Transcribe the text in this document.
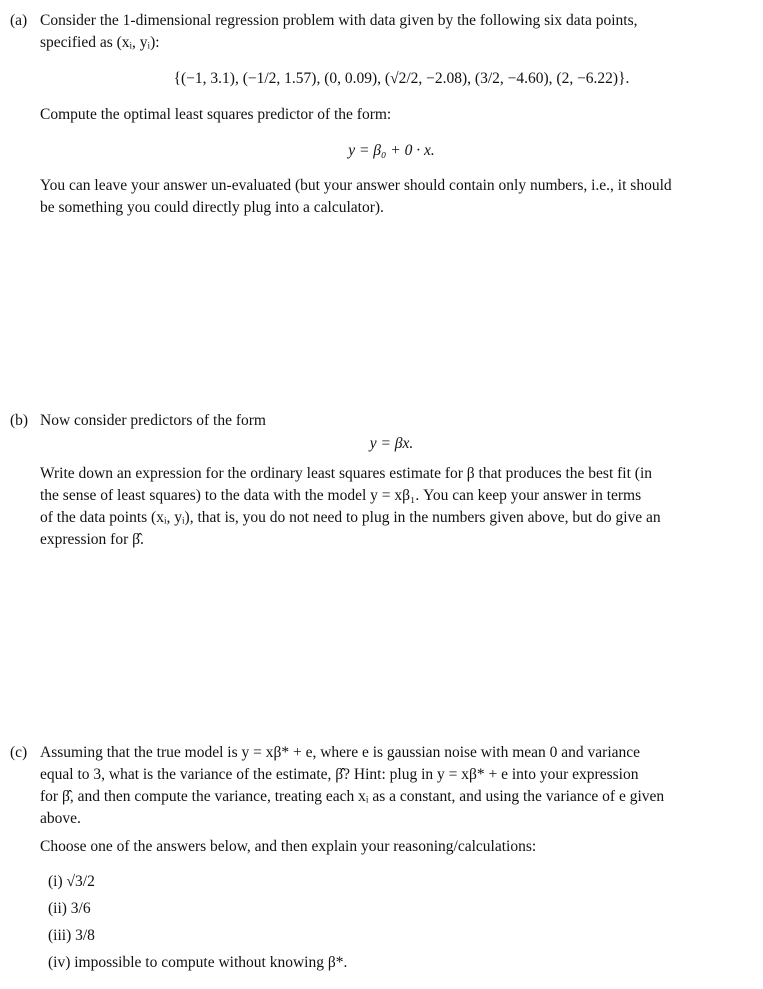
(a) Consider the 1-dimensional regression problem with data given by the following six data points,
specified as (xᵢ, yᵢ):
{(−1, 3.1), (−1/2, 1.57), (0, 0.09), (√2/2, −2.08), (3/2, −4.60), (2, −6.22)}.
Compute the optimal least squares predictor of the form:
y = β₀ + 0 · x.
You can leave your answer un-evaluated (but your answer should contain only numbers, i.e., it should
be something you could directly plug into a calculator).
(b) Now consider predictors of the form
y = βx.
Write down an expression for the ordinary least squares estimate for β that produces the best fit (in
the sense of least squares) to the data with the model y = xβ₁. You can keep your answer in terms
of the data points (xᵢ, yᵢ), that is, you do not need to plug in the numbers given above, but do give an
expression for β̂.
(c) Assuming that the true model is y = xβ* + e, where e is gaussian noise with mean 0 and variance
equal to 3, what is the variance of the estimate, β̂? Hint: plug in y = xβ* + e into your expression
for β̂, and then compute the variance, treating each xᵢ as a constant, and using the variance of e given
above.
Choose one of the answers below, and then explain your reasoning/calculations:
(i) √3/2
(ii) 3/6
(iii) 3/8
(iv) impossible to compute without knowing β*.
